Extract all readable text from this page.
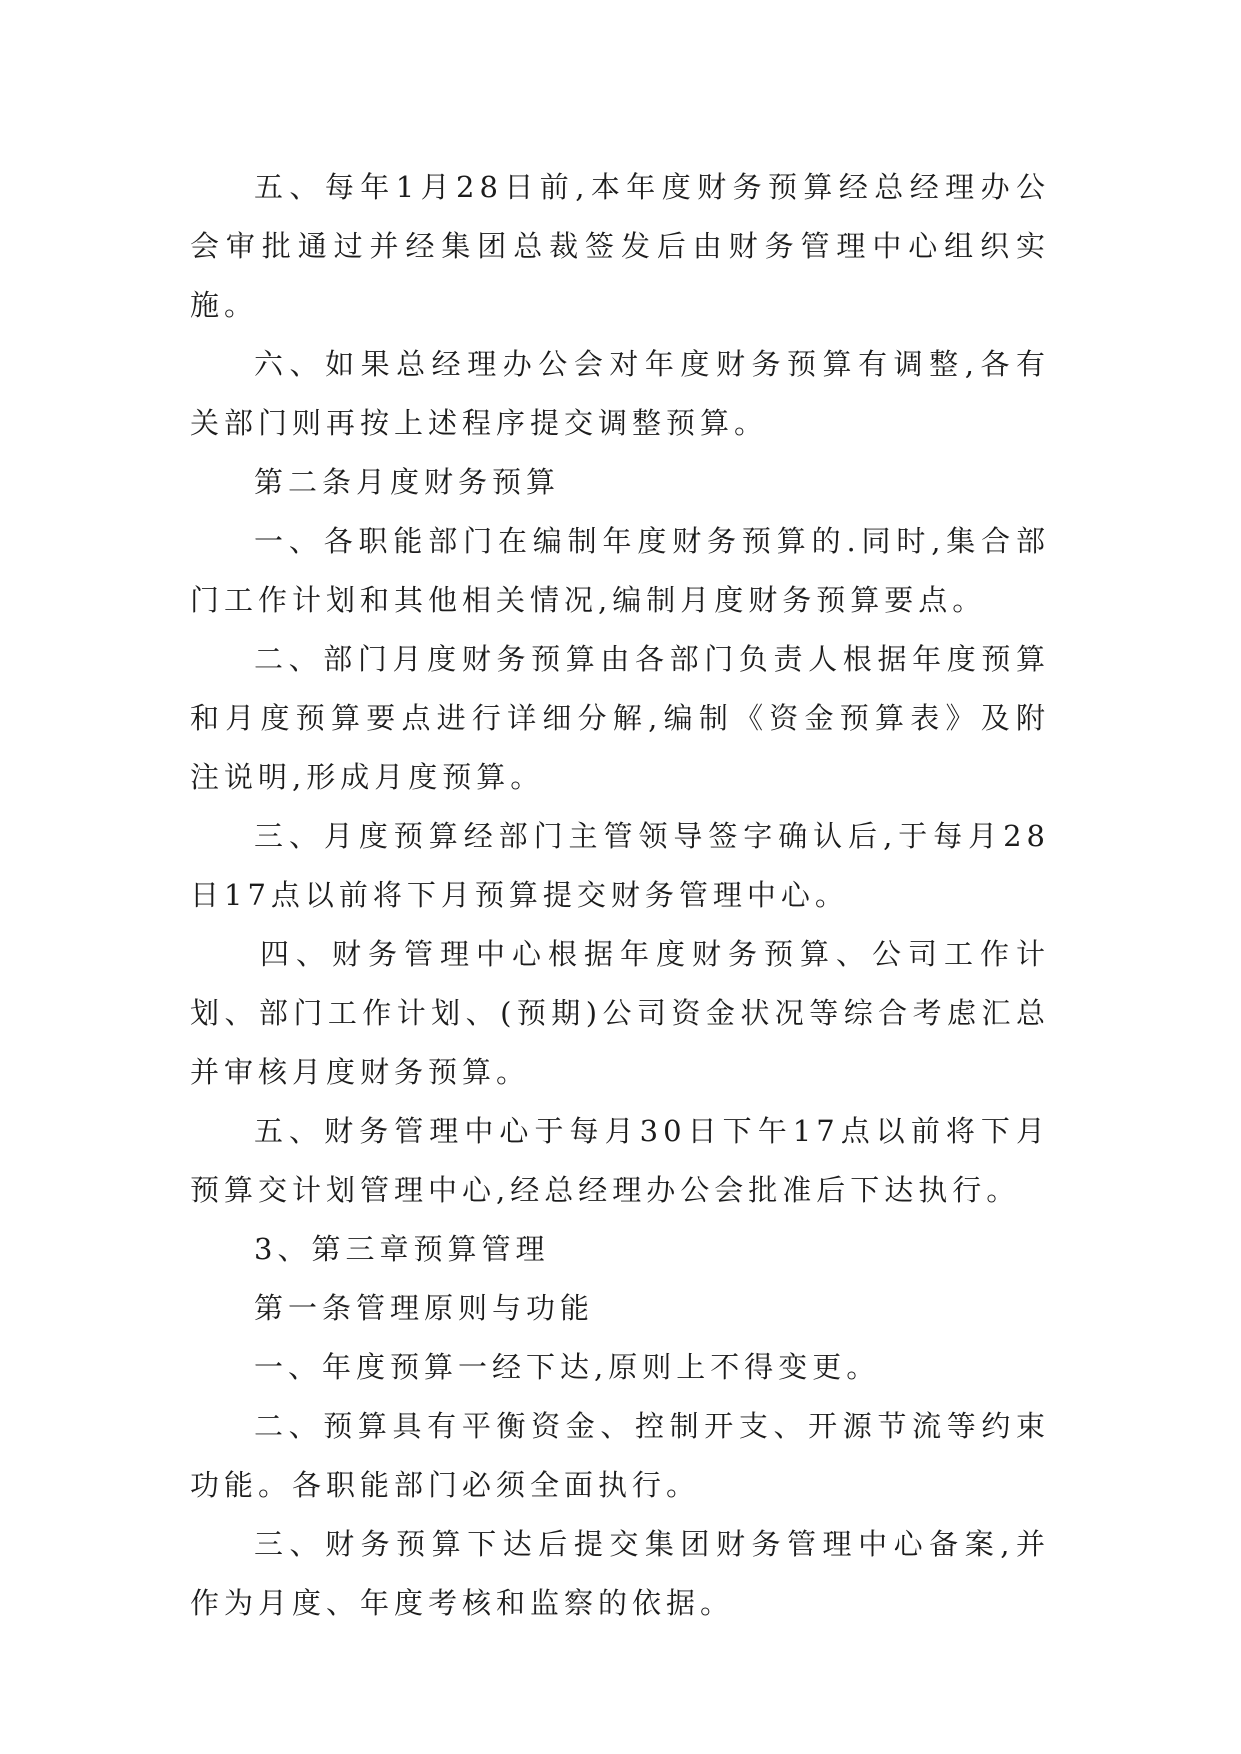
五、每年1月28日前,本年度财务预算经总经理办公会审批通过并经集团总裁签发后由财务管理中心组织实施。

六、如果总经理办公会对年度财务预算有调整,各有关部门则再按上述程序提交调整预算。

第二条月度财务预算

一、各职能部门在编制年度财务预算的.同时,集合部门工作计划和其他相关情况,编制月度财务预算要点。

二、部门月度财务预算由各部门负责人根据年度预算和月度预算要点进行详细分解,编制《资金预算表》及附注说明,形成月度预算。

三、月度预算经部门主管领导签字确认后,于每月28日17点以前将下月预算提交财务管理中心。

四、财务管理中心根据年度财务预算、公司工作计划、部门工作计划、(预期)公司资金状况等综合考虑汇总并审核月度财务预算。

五、财务管理中心于每月30日下午17点以前将下月预算交计划管理中心,经总经理办公会批准后下达执行。

3、第三章预算管理

第一条管理原则与功能

一、年度预算一经下达,原则上不得变更。

二、预算具有平衡资金、控制开支、开源节流等约束功能。各职能部门必须全面执行。

三、财务预算下达后提交集团财务管理中心备案,并作为月度、年度考核和监察的依据。
